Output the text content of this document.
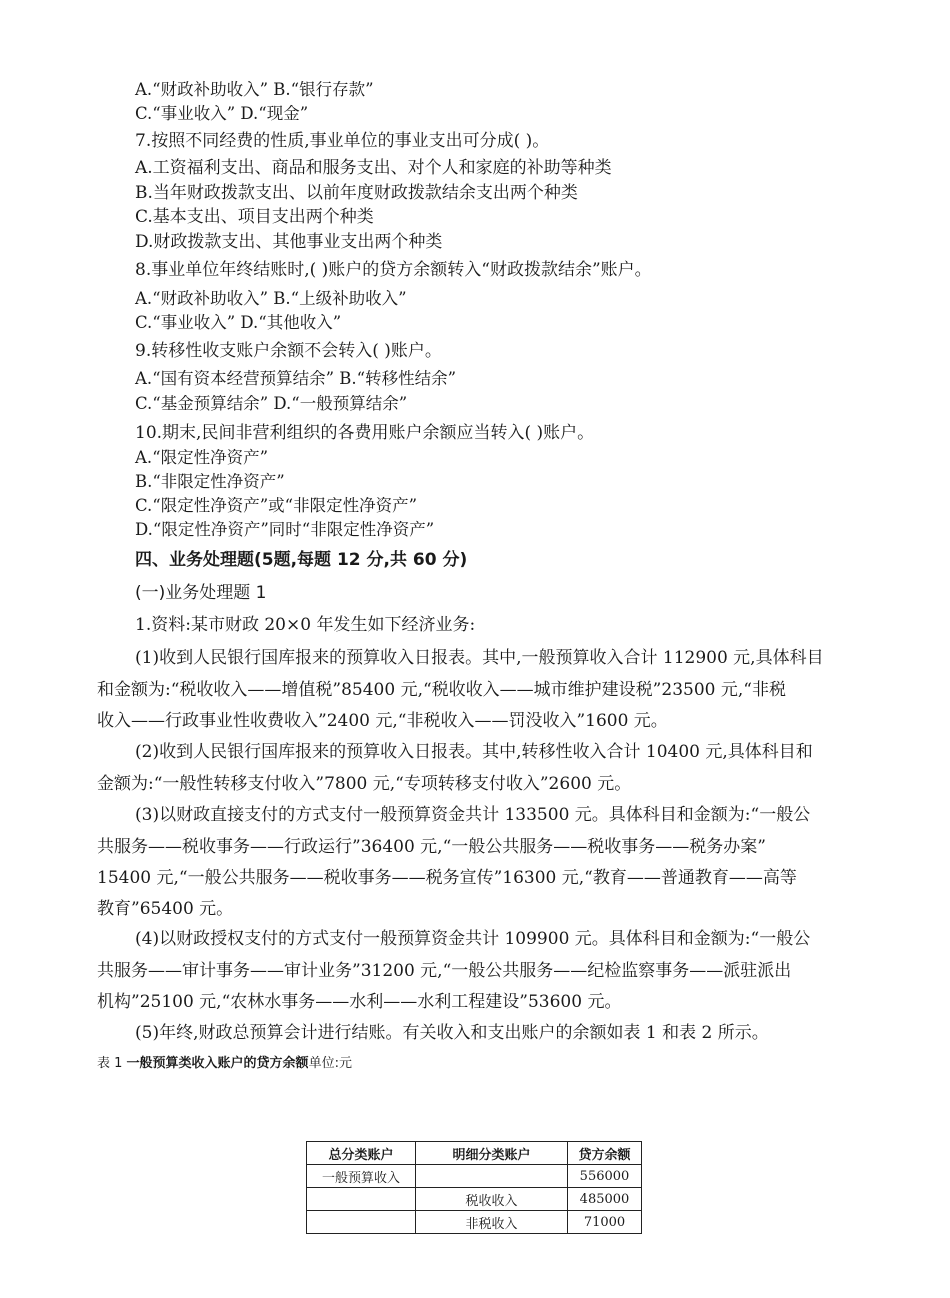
A.“财政补助收入” B.“银行存款”
C.“事业收入” D.“现金”
7.按照不同经费的性质,事业单位的事业支出可分成( )。
A.工资福利支出、商品和服务支出、对个人和家庭的补助等种类
B.当年财政拨款支出、以前年度财政拨款结余支出两个种类
C.基本支出、项目支出两个种类
D.财政拨款支出、其他事业支出两个种类
8.事业单位年终结账时,( )账户的贷方余额转入“财政拨款结余”账户。
A.“财政补助收入” B.“上级补助收入”
C.“事业收入” D.“其他收入”
9.转移性收支账户余额不会转入( )账户。
A.“国有资本经营预算结余” B.“转移性结余”
C.“基金预算结余” D.“一般预算结余”
10.期末,民间非营利组织的各费用账户余额应当转入( )账户。
A.“限定性净资产”
B.“非限定性净资产”
C.“限定性净资产”或“非限定性净资产”
D.“限定性净资产”同时“非限定性净资产”
四、业务处理题(5题,每题 12 分,共 60 分)
(一)业务处理题 1
1.资料:某市财政 20×0 年发生如下经济业务:
(1)收到人民银行国库报来的预算收入日报表。其中,一般预算收入合计 112900 元,具体科目
和金额为:“税收收入——增值税”85400 元,“税收收入——城市维护建设税”23500 元,“非税
收入——行政事业性收费收入”2400 元,“非税收入——罚没收入”1600 元。
(2)收到人民银行国库报来的预算收入日报表。其中,转移性收入合计 10400 元,具体科目和
金额为:“一般性转移支付收入”7800 元,“专项转移支付收入”2600 元。
(3)以财政直接支付的方式支付一般预算资金共计 133500 元。具体科目和金额为:“一般公
共服务——税收事务——行政运行”36400 元,“一般公共服务——税收事务——税务办案”
15400 元,“一般公共服务——税收事务——税务宣传”16300 元,“教育——普通教育——高等
教育”65400 元。
(4)以财政授权支付的方式支付一般预算资金共计 109900 元。具体科目和金额为:“一般公
共服务——审计事务——审计业务”31200 元,“一般公共服务——纪检监察事务——派驻派出
机构”25100 元,“农林水事务——水利——水利工程建设”53600 元。
(5)年终,财政总预算会计进行结账。有关收入和支出账户的余额如表 1 和表 2 所示。
表 1 一般预算类收入账户的贷方余额单位:元
总分类账户	明细分类账户	贷方余额
一般预算收入		556000
	税收收入	485000
	非税收入	71000
